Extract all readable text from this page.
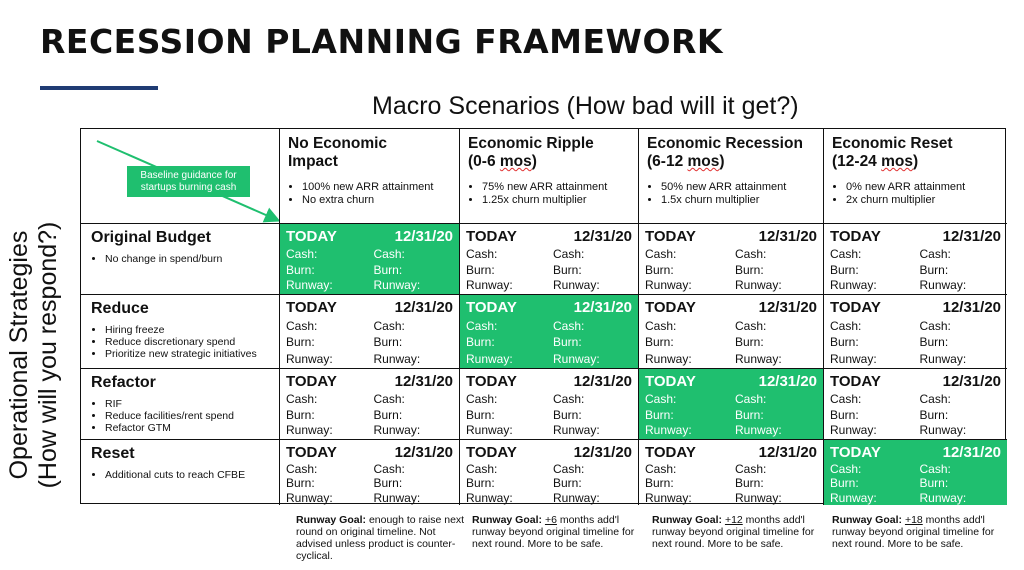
RECESSION PLANNING FRAMEWORK
Macro Scenarios (How bad will it get?)
Operational Strategies (How will you respond?)
Baseline guidance for startups burning cash
No Economic
Impact
• 100% new ARR attainment
• No extra churn
Economic Ripple
(0-6 mos)
• 75% new ARR attainment
• 1.25x churn multiplier
Economic Recession
(6-12 mos)
• 50% new ARR attainment
• 1.5x churn multiplier
Economic Reset
(12-24 mos)
• 0% new ARR attainment
• 2x churn multiplier
Original Budget
• No change in spend/burn
TODAY	12/31/20
Cash:	Cash:
Burn:	Burn:
Runway:	Runway:
TODAY	12/31/20
Cash:	Cash:
Burn:	Burn:
Runway:	Runway:
TODAY	12/31/20
Cash:	Cash:
Burn:	Burn:
Runway:	Runway:
TODAY	12/31/20
Cash:	Cash:
Burn:	Burn:
Runway:	Runway:
Reduce
• Hiring freeze
• Reduce discretionary spend
• Prioritize new strategic initiatives
TODAY	12/31/20
Cash:	Cash:
Burn:	Burn:
Runway:	Runway:
TODAY	12/31/20
Cash:	Cash:
Burn:	Burn:
Runway:	Runway:
TODAY	12/31/20
Cash:	Cash:
Burn:	Burn:
Runway:	Runway:
TODAY	12/31/20
Cash:	Cash:
Burn:	Burn:
Runway:	Runway:
Refactor
• RIF
• Reduce facilities/rent spend
• Refactor GTM
TODAY	12/31/20
Cash:	Cash:
Burn:	Burn:
Runway:	Runway:
TODAY	12/31/20
Cash:	Cash:
Burn:	Burn:
Runway:	Runway:
TODAY	12/31/20
Cash:	Cash:
Burn:	Burn:
Runway:	Runway:
TODAY	12/31/20
Cash:	Cash:
Burn:	Burn:
Runway:	Runway:
Reset
• Additional cuts to reach CFBE
TODAY	12/31/20
Cash:	Cash:
Burn:	Burn:
Runway:	Runway:
TODAY	12/31/20
Cash:	Cash:
Burn:	Burn:
Runway:	Runway:
TODAY	12/31/20
Cash:	Cash:
Burn:	Burn:
Runway:	Runway:
TODAY	12/31/20
Cash:	Cash:
Burn:	Burn:
Runway:	Runway:
Runway Goal: enough to raise next round on original timeline. Not advised unless product is counter-cyclical.
Runway Goal: +6 months add'l runway beyond original timeline for next round. More to be safe.
Runway Goal: +12 months add'l runway beyond original timeline for next round. More to be safe.
Runway Goal: +18 months add'l runway beyond original timeline for next round. More to be safe.
